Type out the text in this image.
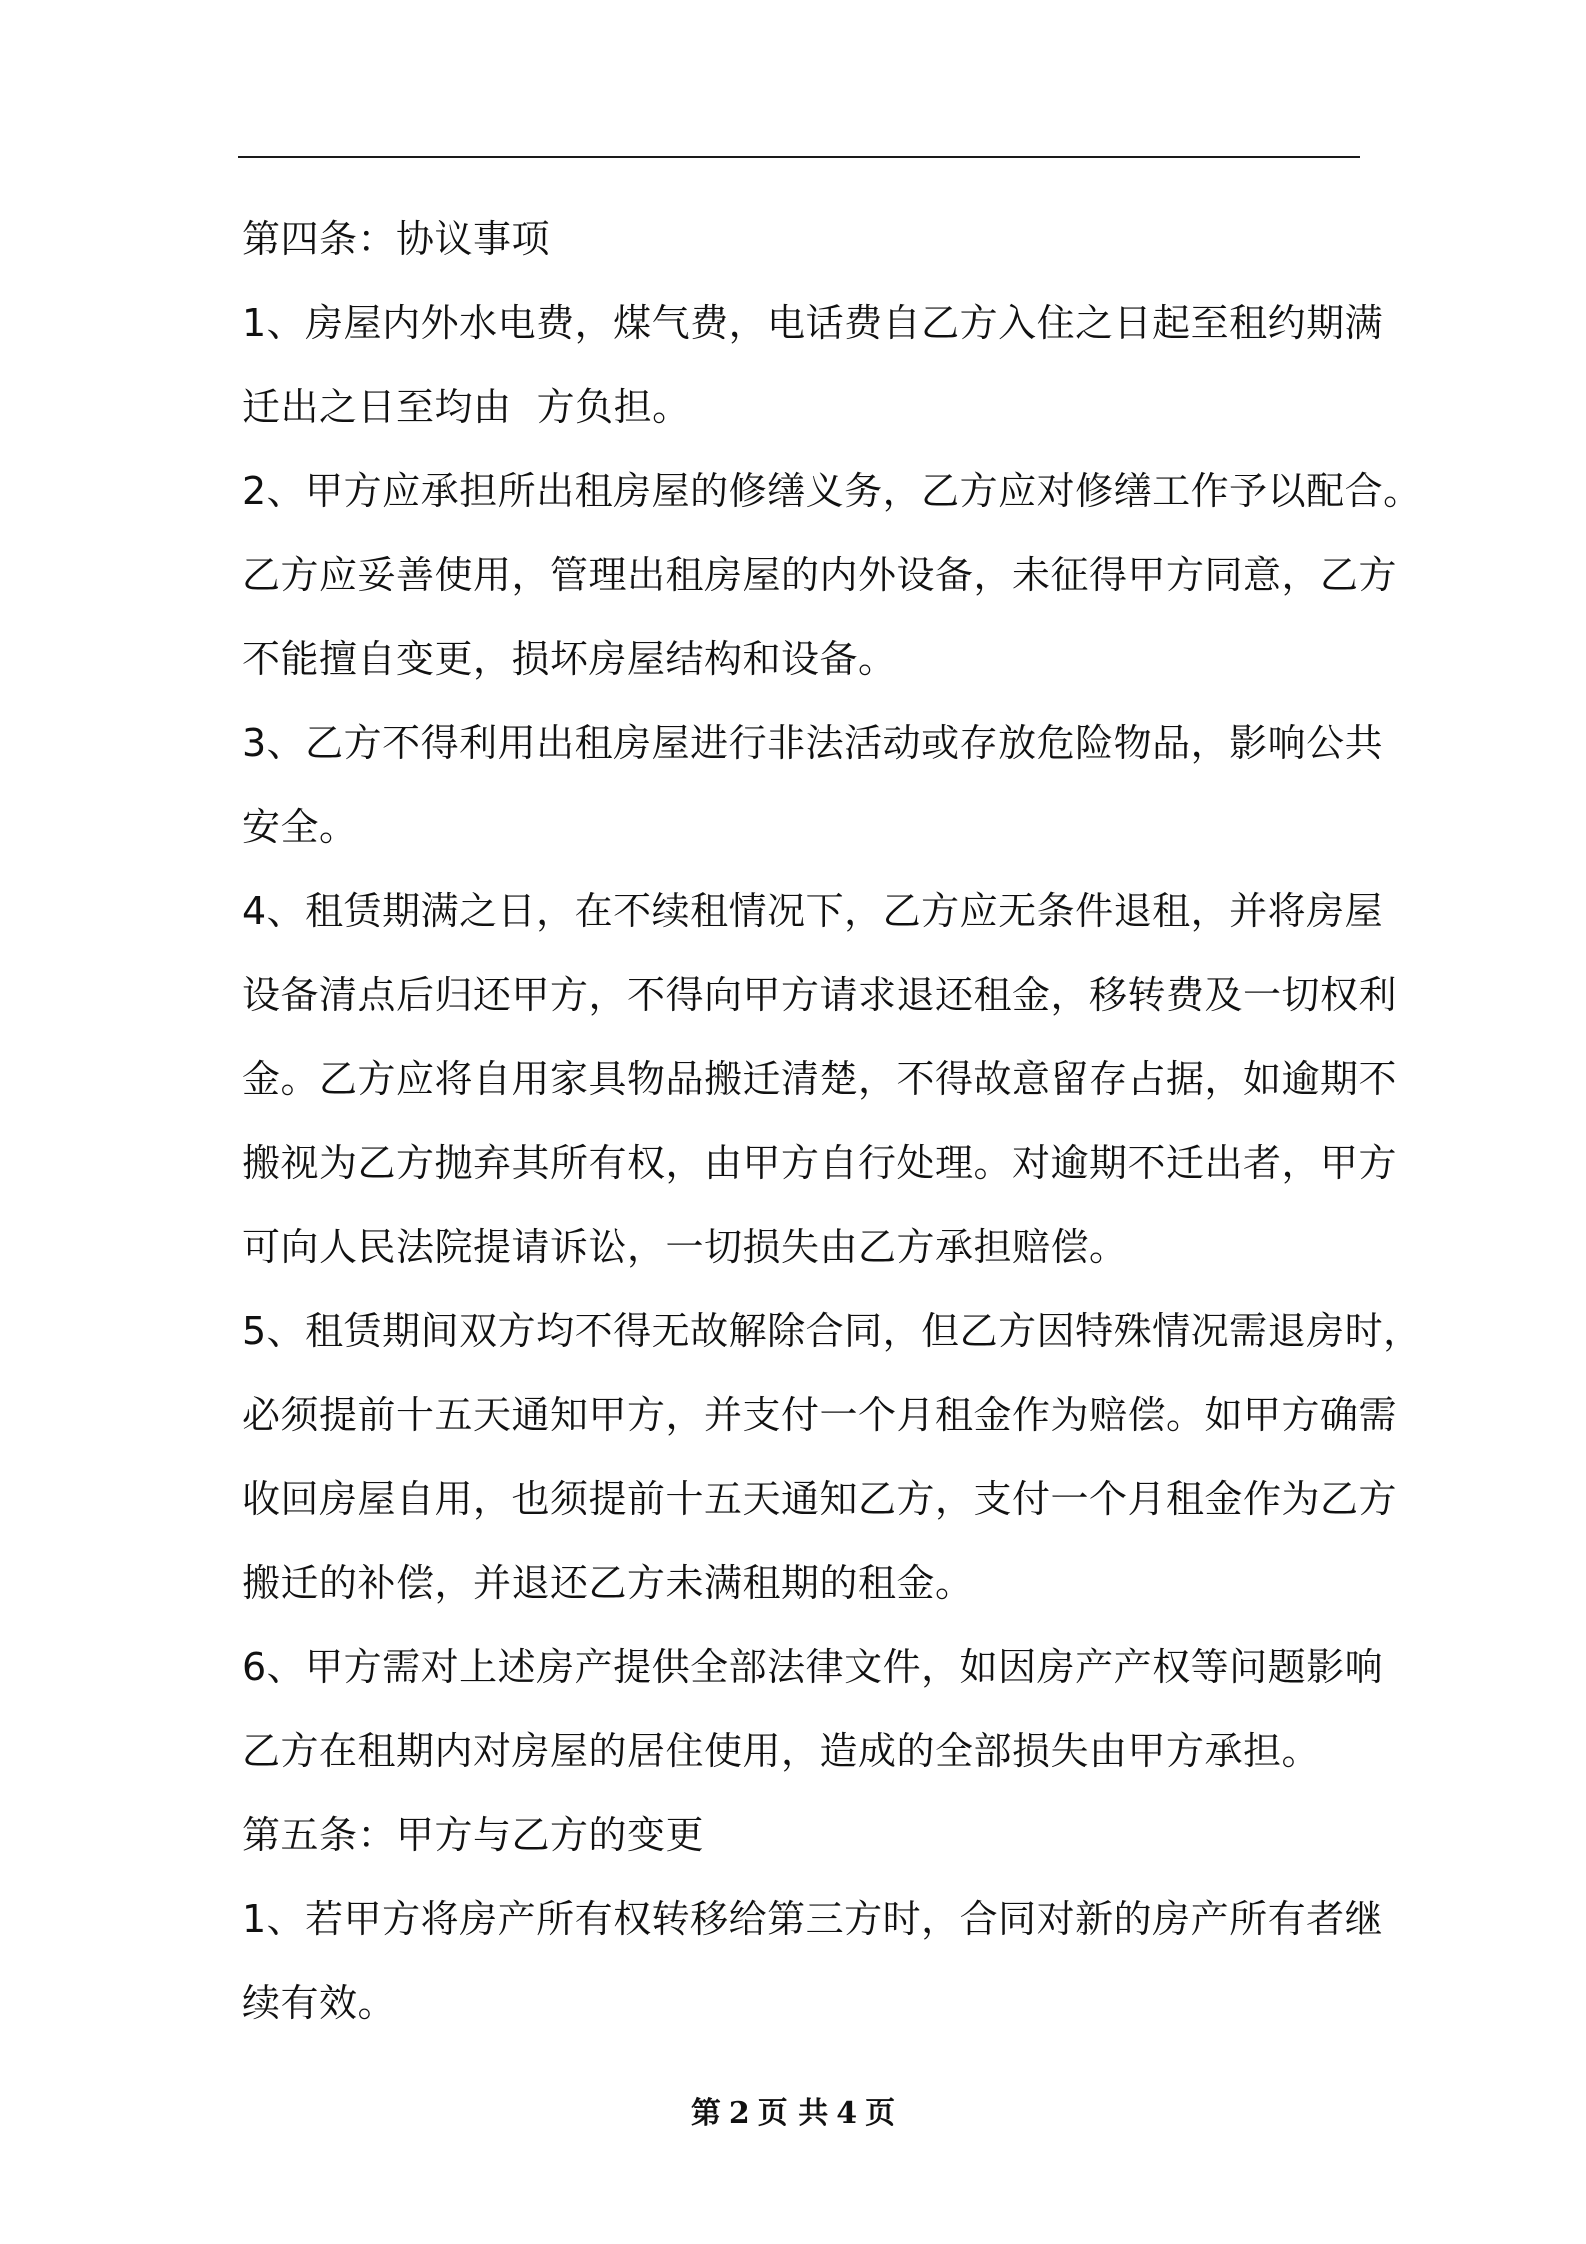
第四条：协议事项
1、房屋内外水电费，煤气费，电话费自乙方入住之日起至租约期满
迁出之日至均由  方负担。
2、甲方应承担所出租房屋的修缮义务，乙方应对修缮工作予以配合。
乙方应妥善使用，管理出租房屋的内外设备，未征得甲方同意，乙方
不能擅自变更，损坏房屋结构和设备。
3、乙方不得利用出租房屋进行非法活动或存放危险物品，影响公共
安全。
4、租赁期满之日，在不续租情况下，乙方应无条件退租，并将房屋
设备清点后归还甲方，不得向甲方请求退还租金，移转费及一切权利
金。乙方应将自用家具物品搬迁清楚，不得故意留存占据，如逾期不
搬视为乙方抛弃其所有权，由甲方自行处理。对逾期不迁出者，甲方
可向人民法院提请诉讼，一切损失由乙方承担赔偿。
5、租赁期间双方均不得无故解除合同，但乙方因特殊情况需退房时，
必须提前十五天通知甲方，并支付一个月租金作为赔偿。如甲方确需
收回房屋自用，也须提前十五天通知乙方，支付一个月租金作为乙方
搬迁的补偿，并退还乙方未满租期的租金。
6、甲方需对上述房产提供全部法律文件，如因房产产权等问题影响
乙方在租期内对房屋的居住使用，造成的全部损失由甲方承担。
第五条：甲方与乙方的变更
1、若甲方将房产所有权转移给第三方时，合同对新的房产所有者继
续有效。
第 2 页 共 4 页
